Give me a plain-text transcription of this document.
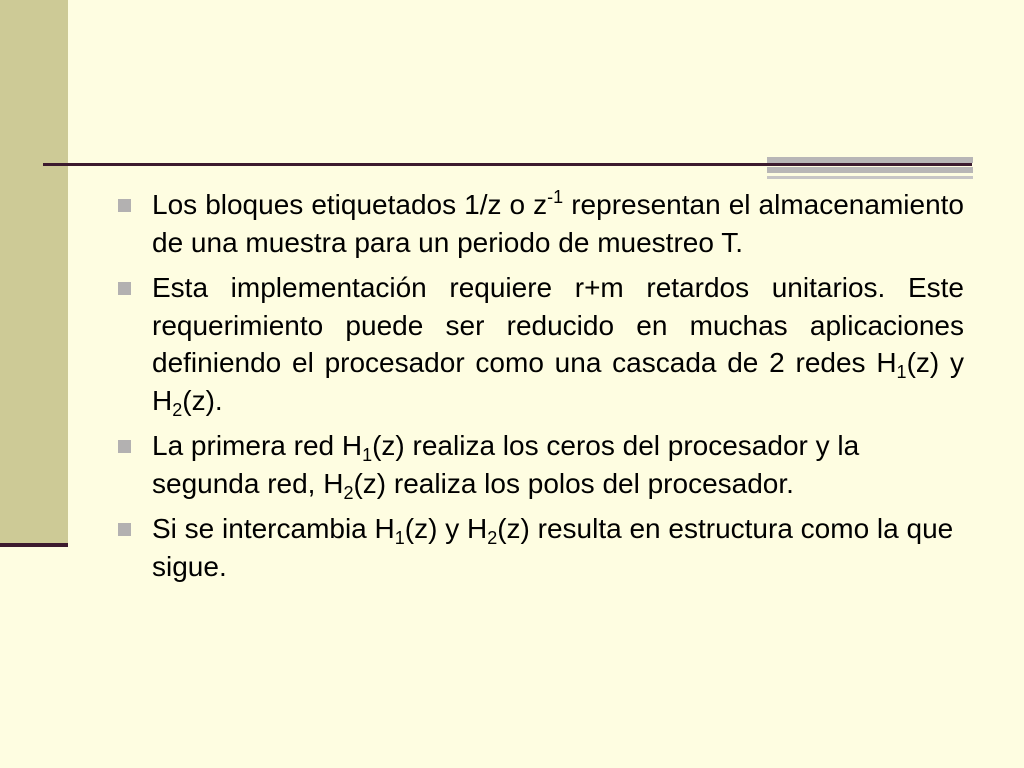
Los bloques etiquetados 1/z o $z^{-1}$ representan el almacenamiento de una muestra para un periodo de muestreo T.
Esta implementación requiere r+m retardos unitarios. Este requerimiento puede ser reducido en muchas aplicaciones definiendo el procesador como una cascada de 2 redes $H_1(z)$ y $H_2(z)$.
La primera red $H_1(z)$ realiza los ceros del procesador y la segunda red, $H_2(z)$ realiza los polos del procesador.
Si se intercambia $H_1(z)$ y $H_2(z)$ resulta en estructura como la que sigue.
